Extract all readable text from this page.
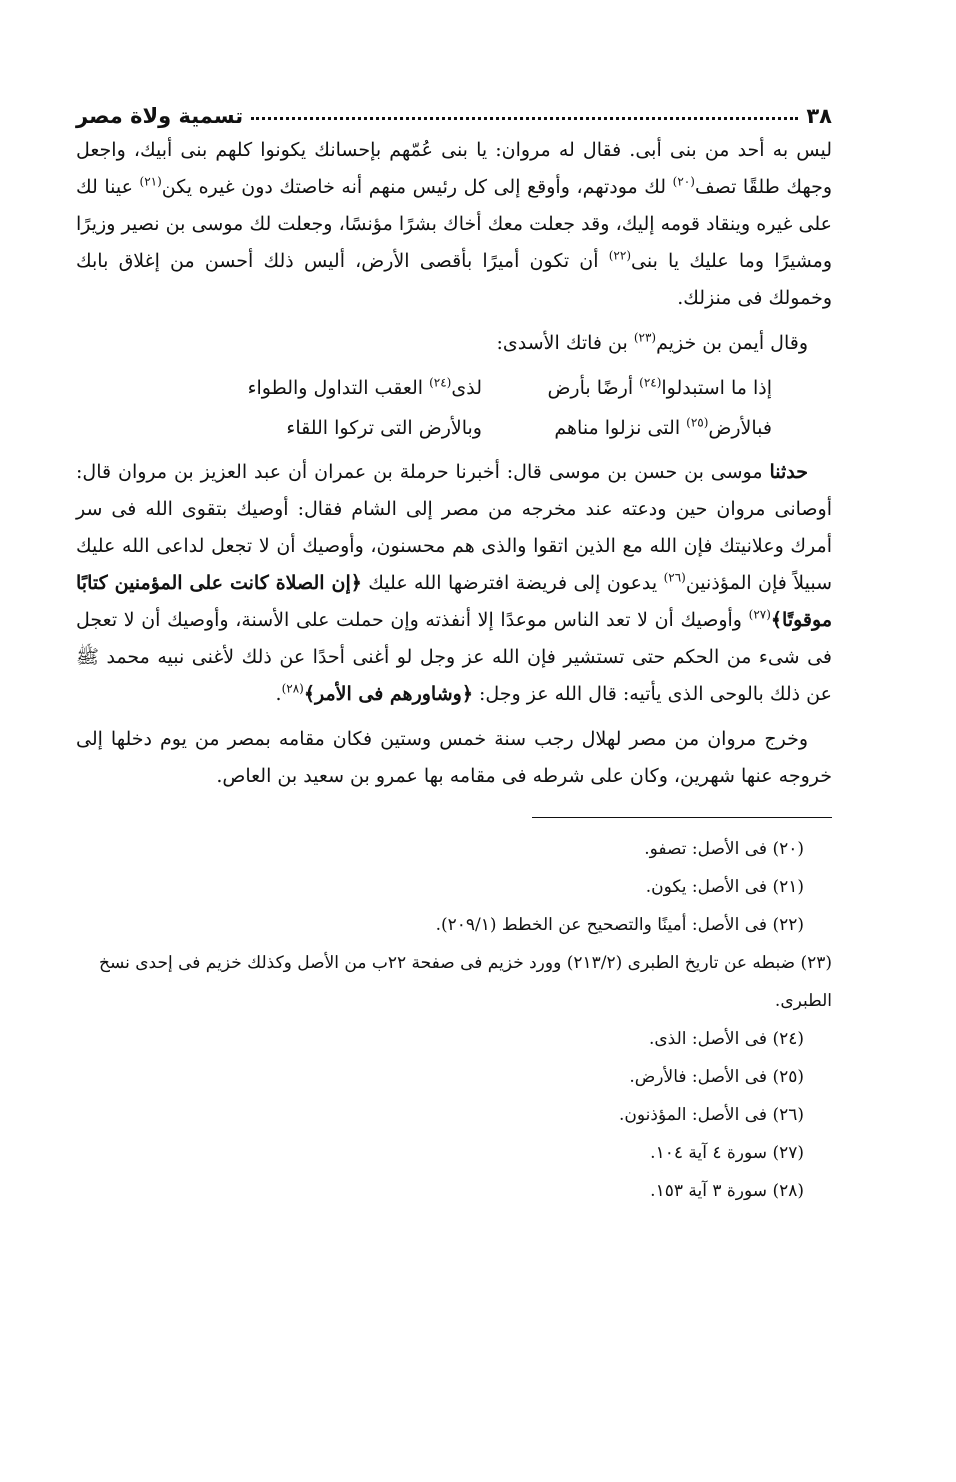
٣٨
تسمية ولاة مصر

ليس به أحد من بنى أبى. فقال له مروان: يا بنى عُمّهم بإحسانك يكونوا كلهم بنى أبيك، واجعل وجهك طلقًا تصف$^{(٢٠)}$ لك مودتهم، وأوقع إلى كل رئيس منهم أنه خاصتك دون غيره يكن$^{(٢١)}$ عينا لك على غيره وينقاد قومه إليك، وقد جعلت معك أخاك بشرًا مؤنسًا، وجعلت لك موسى بن نصير وزيرًا ومشيرًا وما عليك يا بنى$^{(٢٢)}$ أن تكون أميرًا بأقصى الأرض، أليس ذلك أحسن من إغلاق بابك وخمولك فى منزلك.

وقال أيمن بن خزيم$^{(٢٣)}$ بن فاتك الأسدى:

إذا ما استبدلوا$^{(٢٤)}$ أرضًا بأرض
لذى$^{(٢٤)}$ العقب التداول والطواء
فبالأرض$^{(٢٥)}$ التى نزلوا مناهم
وبالأرض التى تركوا اللقاء

حدثنا موسى بن حسن بن موسى قال: أخبرنا حرملة بن عمران أن عبد العزيز بن مروان قال: أوصانى مروان حين ودعته عند مخرجه من مصر إلى الشام فقال: أوصيك بتقوى الله فى سر أمرك وعلانيتك فإن الله مع الذين اتقوا والذى هم محسنون، وأوصيك أن لا تجعل لداعى الله عليك سبيلاً فإن المؤذنين$^{(٢٦)}$ يدعون إلى فريضة افترضها الله عليك ﴿إن الصلاة كانت على المؤمنين كتابًا موقوتًا﴾$^{(٢٧)}$ وأوصيك أن لا تعد الناس موعدًا إلا أنفذته وإن حملت على الأسنة، وأوصيك أن لا تعجل فى شىء من الحكم حتى تستشير فإن الله عز وجل لو أغنى أحدًا عن ذلك لأغنى نبيه محمد ﷺ عن ذلك بالوحى الذى يأتيه: قال الله عز وجل: ﴿وشاورهم فى الأمر﴾$^{(٢٨)}$.

وخرج مروان من مصر لهلال رجب سنة خمس وستين فكان مقامه بمصر من يوم دخلها إلى خروجه عنها شهرين، وكان على شرطه فى مقامه بها عمرو بن سعيد بن العاص.

(٢٠) فى الأصل: تصفو.

(٢١) فى الأصل: يكون.

(٢٢) فى الأصل: أمينًا والتصحيح عن الخطط (٢٠٩/١).

(٢٣) ضبطه عن تاريخ الطبرى (٢١٣/٢) وورد خزيم فى صفحة ٢٢ب من الأصل وكذلك خزيم فى إحدى نسخ الطبرى.

(٢٤) فى الأصل: الذى.

(٢٥) فى الأصل: فالأرض.

(٢٦) فى الأصل: المؤذنون.

(٢٧) سورة ٤ آية ١٠٤.

(٢٨) سورة ٣ آية ١٥٣.
